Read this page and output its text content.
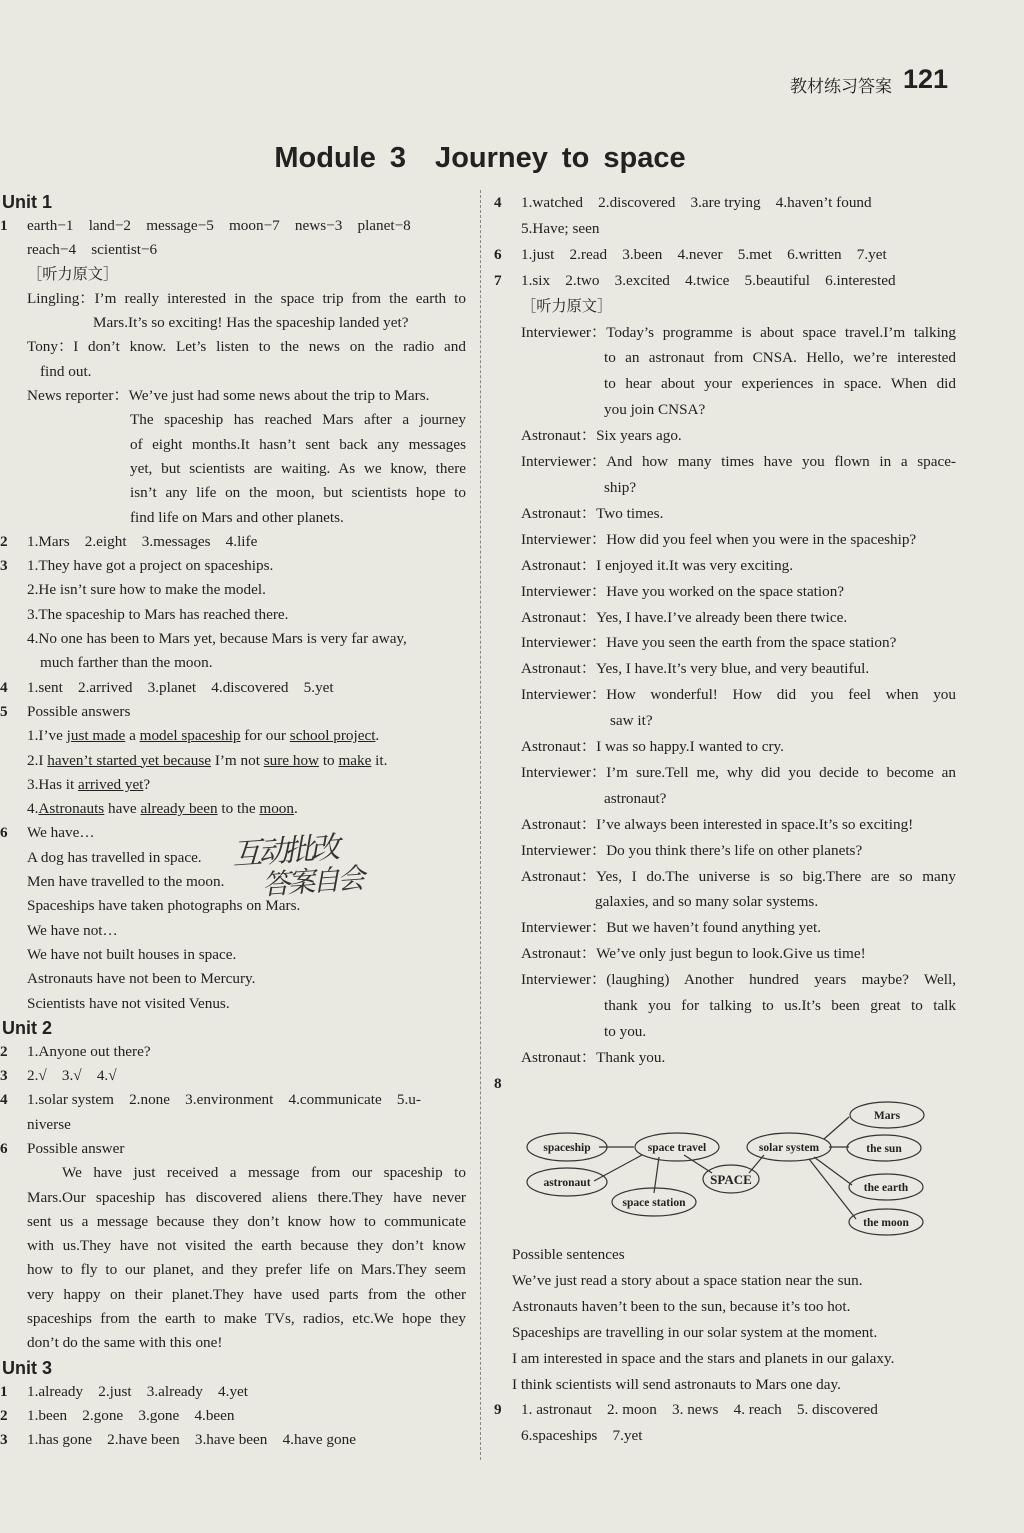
教材练习答案 121
Module 3　Journey to space
Unit 1
1	earth−1　land−2　message−5　moon−7　news−3　planet−8
reach−4　scientist−6
［听力原文］
Lingling： I’m really interested in the space trip from the earth to
Mars.It’s so exciting! Has the spaceship landed yet?
Tony： I don’t know. Let’s listen to the news on the radio and
find out.
News reporter： We’ve just had some news about the trip to Mars.
The spaceship has reached Mars after a journey
of eight months.It hasn’t sent back any messages
yet, but scientists are waiting. As we know, there
isn’t any life on the moon, but scientists hope to
find life on Mars and other planets.
2	1.Mars　2.eight　3.messages　4.life
3	1.They have got a project on spaceships.
2.He isn’t sure how to make the model.
3.The spaceship to Mars has reached there.
4.No one has been to Mars yet, because Mars is very far away,
much farther than the moon.
4	1.sent　2.arrived　3.planet　4.discovered　5.yet
5	Possible answers
1.I’ve just made a model spaceship for our school project.
2.I haven’t started yet because I’m not sure how to make it.
3.Has it arrived yet?
4.Astronauts have already been to the moon.
6	We have…
A dog has travelled in space.
Men have travelled to the moon.
Spaceships have taken photographs on Mars.
We have not…
We have not built houses in space.
Astronauts have not been to Mercury.
Scientists have not visited Venus.
Unit 2
2	1.Anyone out there?
3	2.√　3.√　4.√
4	1.solar system　2.none　3.environment　4.communicate　5.u-
niverse
6	Possible answer
We have just received a message from our spaceship to
Mars.Our spaceship has discovered aliens there.They have never
sent us a message because they don’t know how to communicate
with us.They have not visited the earth because they don’t know
how to fly to our planet, and they prefer life on Mars.They seem
very happy on their planet.They have used parts from the other
spaceships from the earth to make TVs, radios, etc.We hope they
don’t do the same with this one!
Unit 3
1	1.already　2.just　3.already　4.yet
2	1.been　2.gone　3.gone　4.been
3	1.has gone　2.have been　3.have been　4.have gone
互动批改
答案自会
4	1.watched　2.discovered　3.are trying　4.haven’t found
5.Have; seen
6	1.just　2.read　3.been　4.never　5.met　6.written　7.yet
7	1.six　2.two　3.excited　4.twice　5.beautiful　6.interested
［听力原文］
Interviewer： Today’s programme is about space travel.I’m talking
to an astronaut from CNSA. Hello, we’re interested
to hear about your experiences in space. When did
you join CNSA?
Astronaut： Six years ago.
Interviewer： And how many times have you flown in a space-
ship?
Astronaut： Two times.
Interviewer： How did you feel when you were in the spaceship?
Astronaut： I enjoyed it.It was very exciting.
Interviewer： Have you worked on the space station?
Astronaut： Yes, I have.I’ve already been there twice.
Interviewer： Have you seen the earth from the space station?
Astronaut： Yes, I have.It’s very blue, and very beautiful.
Interviewer： How wonderful! How did you feel when you
saw it?
Astronaut： I was so happy.I wanted to cry.
Interviewer： I’m sure.Tell me, why did you decide to become an
astronaut?
Astronaut： I’ve always been interested in space.It’s so exciting!
Interviewer： Do you think there’s life on other planets?
Astronaut： Yes, I do.The universe is so big.There are so many
galaxies, and so many solar systems.
Interviewer： But we haven’t found anything yet.
Astronaut： We’ve only just begun to look.Give us time!
Interviewer： (laughing) Another hundred years maybe? Well,
thank you for talking to us.It’s been great to talk
to you.
Astronaut： Thank you.
8
spaceship	space travel
astronaut
space station
SPACE
solar system
Mars
the sun
the earth
the moon
Possible sentences
We’ve just read a story about a space station near the sun.
Astronauts haven’t been to the sun, because it’s too hot.
Spaceships are travelling in our solar system at the moment.
I am interested in space and the stars and planets in our galaxy.
I think scientists will send astronauts to Mars one day.
9	1. astronaut　2. moon　3. news　4. reach　5. discovered
6.spaceships　7.yet
